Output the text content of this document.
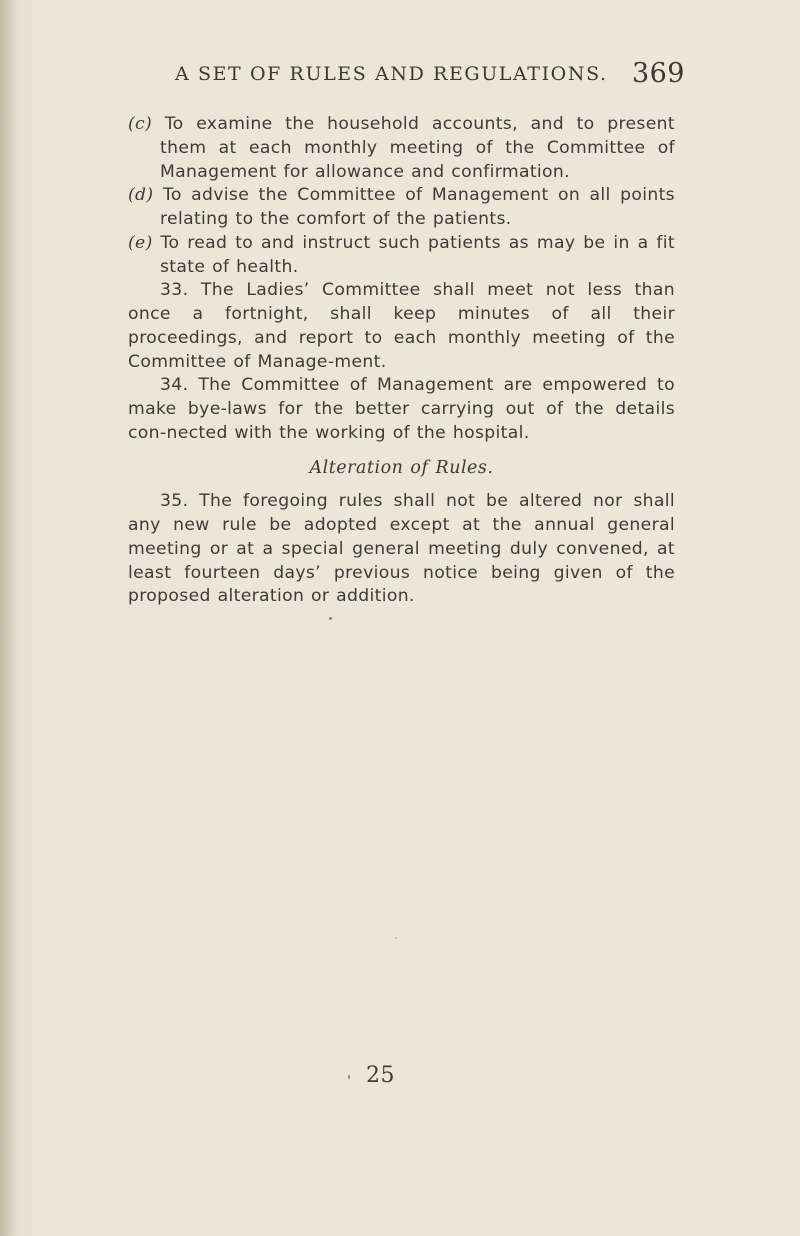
A SET OF RULES AND REGULATIONS. 369

(c) To examine the household accounts, and to present them at each monthly meeting of the Committee of Management for allowance and confirmation.

(d) To advise the Committee of Management on all points relating to the comfort of the patients.

(e) To read to and instruct such patients as may be in a fit state of health.

33. The Ladies’ Committee shall meet not less than once a fortnight, shall keep minutes of all their proceedings, and report to each monthly meeting of the Committee of Manage-ment.

34. The Committee of Management are empowered to make bye-laws for the better carrying out of the details con-nected with the working of the hospital.

Alteration of Rules.

35. The foregoing rules shall not be altered nor shall any new rule be adopted except at the annual general meeting or at a special general meeting duly convened, at least fourteen days’ previous notice being given of the proposed alteration or addition.

25
